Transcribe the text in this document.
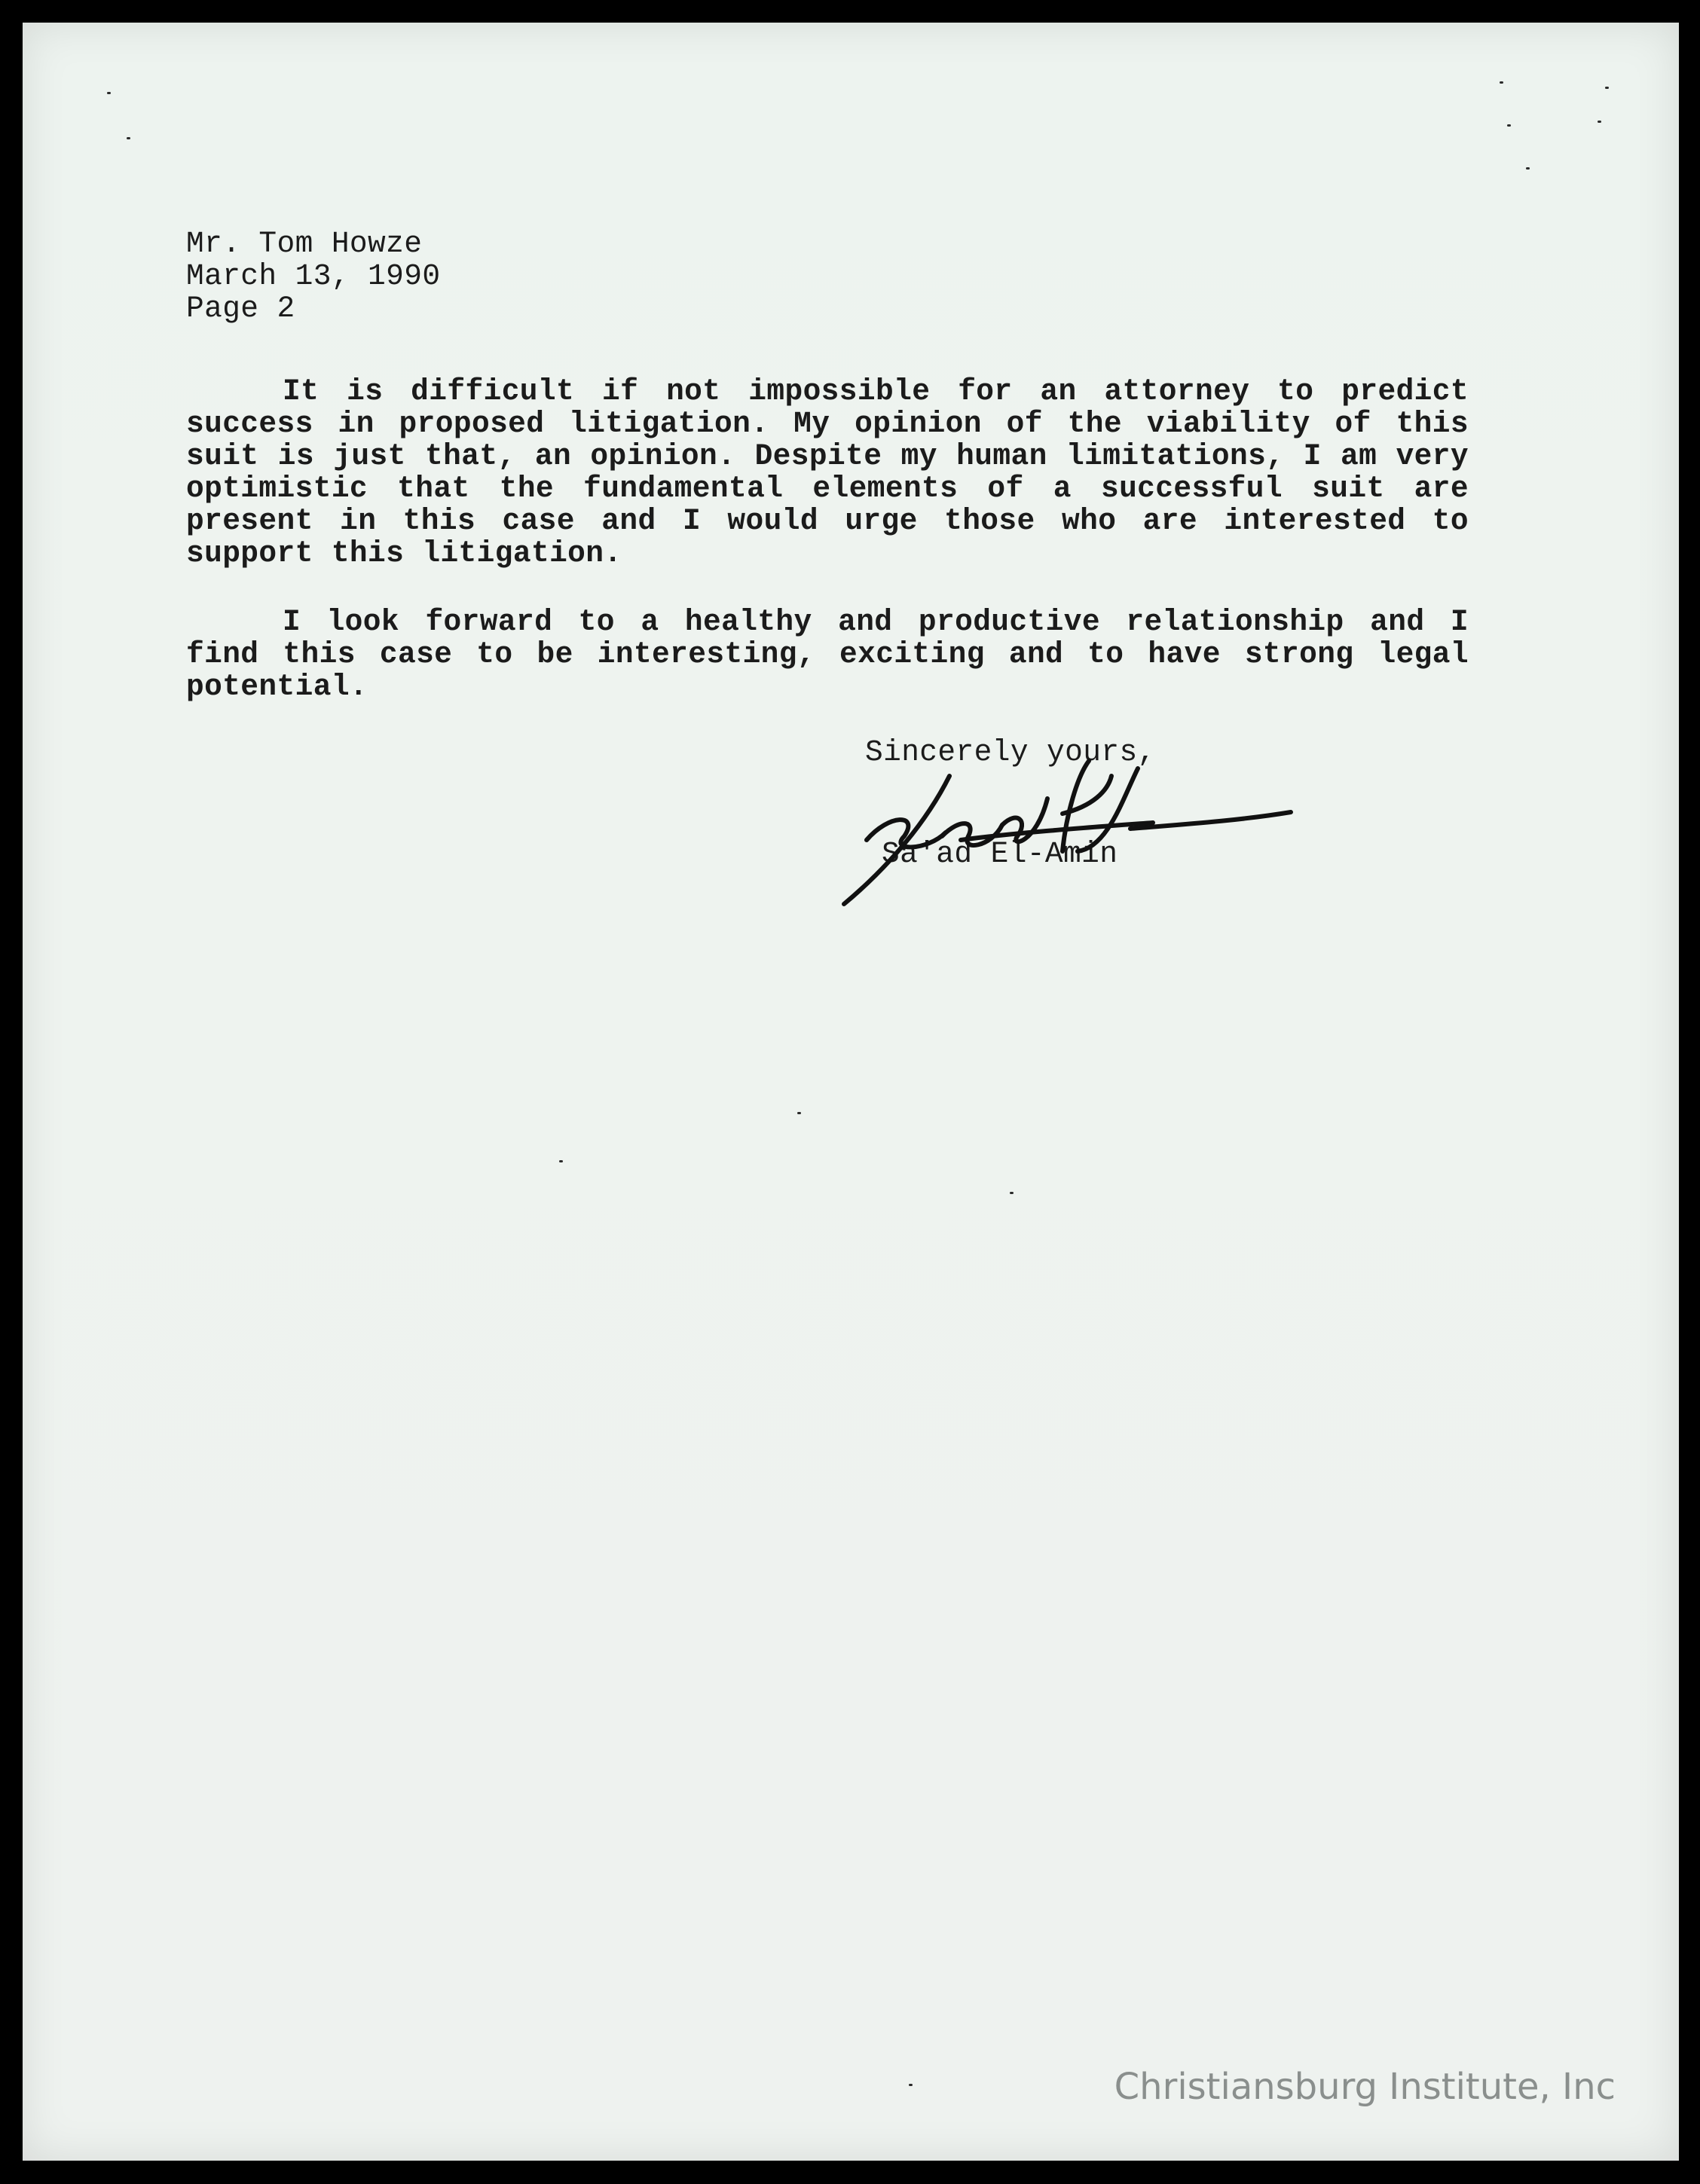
Mr. Tom Howze
March 13, 1990
Page 2

It is difficult if not impossible for an attorney to predict success in proposed litigation. My opinion of the viability of this suit is just that, an opinion. Despite my human limitations, I am very optimistic that the fundamental elements of a successful suit are present in this case and I would urge those who are interested to support this litigation.

I look forward to a healthy and productive relationship and I find this case to be interesting, exciting and to have strong legal potential.

Sincerely yours,
Sa'ad El-Amin
Christiansburg Institute, Inc
